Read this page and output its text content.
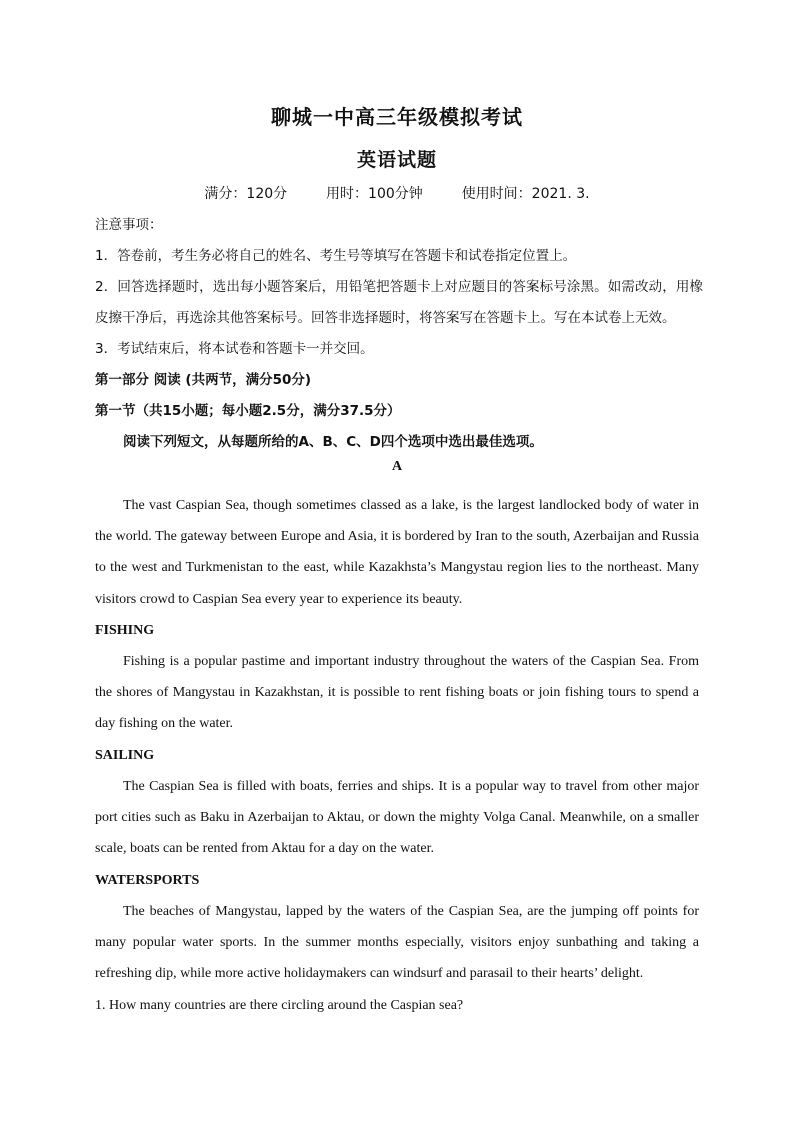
聊城一中高三年级模拟考试
英语试题
满分：120分	用时：100分钟	使用时间：2021. 3.
注意事项：
1．答卷前，考生务必将自己的姓名、考生号等填写在答题卡和试卷指定位置上。
2．回答选择题时，选出每小题答案后，用铅笔把答题卡上对应题目的答案标号涂黑。如需改动，用橡皮擦干净后，再选涂其他答案标号。回答非选择题时，将答案写在答题卡上。写在本试卷上无效。
3．考试结束后，将本试卷和答题卡一并交回。
第一部分 阅读 (共两节，满分50分)
第一节（共15小题；每小题2.5分，满分37.5分）
阅读下列短文，从每题所给的A、B、C、D四个选项中选出最佳选项。
A

The vast Caspian Sea, though sometimes classed as a lake, is the largest landlocked body of water in the world. The gateway between Europe and Asia, it is bordered by Iran to the south, Azerbaijan and Russia to the west and Turkmenistan to the east, while Kazakhsta’s Mangystau region lies to the northeast. Many visitors crowd to Caspian Sea every year to experience its beauty.

FISHING

Fishing is a popular pastime and important industry throughout the waters of the Caspian Sea. From the shores of Mangystau in Kazakhstan, it is possible to rent fishing boats or join fishing tours to spend a day fishing on the water.

SAILING

The Caspian Sea is filled with boats, ferries and ships. It is a popular way to travel from other major port cities such as Baku in Azerbaijan to Aktau, or down the mighty Volga Canal. Meanwhile, on a smaller scale, boats can be rented from Aktau for a day on the water.

WATERSPORTS

The beaches of Mangystau, lapped by the waters of the Caspian Sea, are the jumping off points for many popular water sports. In the summer months especially, visitors enjoy sunbathing and taking a refreshing dip, while more active holidaymakers can windsurf and parasail to their hearts’ delight.

1. How many countries are there circling around the Caspian sea?
